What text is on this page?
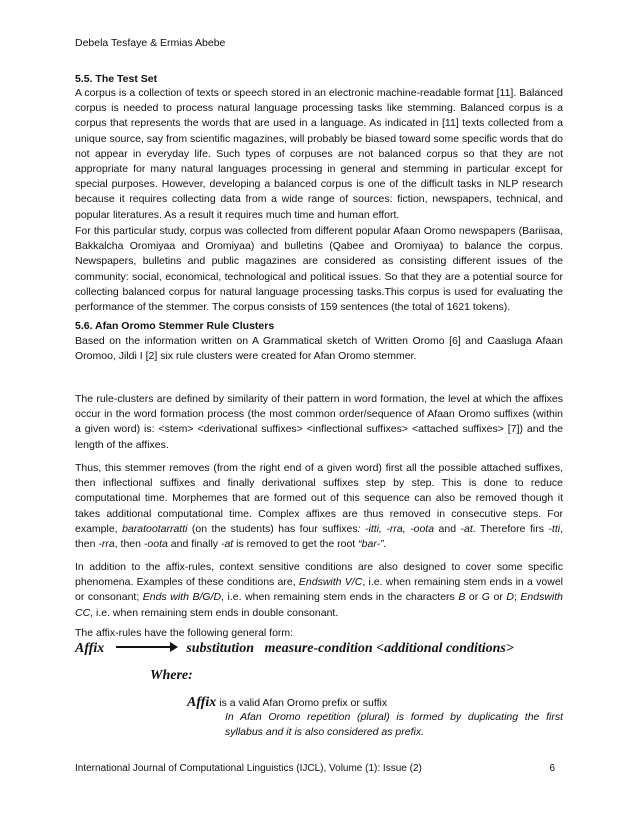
Debela Tesfaye & Ermias Abebe
5.5. The Test Set
A corpus is a collection of texts or speech stored in an electronic machine-readable format [11]. Balanced corpus is needed to process natural language processing tasks like stemming. Balanced corpus is a corpus that represents the words that are used in a language. As indicated in [11] texts collected from a unique source, say from scientific magazines, will probably be biased toward some specific words that do not appear in everyday life. Such types of corpuses are not balanced corpus so that they are not appropriate for many natural languages processing in general and stemming in particular except for special purposes. However, developing a balanced corpus is one of the difficult tasks in NLP research because it requires collecting data from a wide range of sources: fiction, newspapers, technical, and popular literatures. As a result it requires much time and human effort.
For this particular study, corpus was collected from different popular Afaan Oromo newspapers (Bariisaa, Bakkalcha Oromiyaa and Oromiyaa) and bulletins (Qabee and Oromiyaa) to balance the corpus. Newspapers, bulletins and public magazines are considered as consisting different issues of the community: social, economical, technological and political issues. So that they are a potential source for collecting balanced corpus for natural language processing tasks.This corpus is used for evaluating the performance of the stemmer. The corpus consists of 159 sentences (the total of 1621 tokens).
5.6. Afan Oromo Stemmer Rule Clusters
Based on the information written on A Grammatical sketch of Written Oromo [6] and Caasluga Afaan Oromoo, Jildi I [2] six rule clusters were created for Afan Oromo stemmer.
The rule-clusters are defined by similarity of their pattern in word formation, the level at which the affixes occur in the word formation process (the most common order/sequence of Afaan Oromo suffixes (within a given word) is: <stem> <derivational suffixes> <inflectional suffixes> <attached suffixes> [7]) and the length of the affixes.
Thus, this stemmer removes (from the right end of a given word) first all the possible attached suffixes, then inflectional suffixes and finally derivational suffixes step by step. This is done to reduce computational time. Morphemes that are formed out of this sequence can also be removed though it takes additional computational time. Complex affixes are thus removed in consecutive steps. For example, baratootarratti (on the students) has four suffixes: -itti, -rra, -oota and -at. Therefore firs -tti, then -rra, then -oota and finally -at is removed to get the root “bar-”.
In addition to the affix-rules, context sensitive conditions are also designed to cover some specific phenomena. Examples of these conditions are, Endswith V/C, i.e. when remaining stem ends in a vowel or consonant; Ends with B/G/D, i.e. when remaining stem ends in the characters B or G or D; Endswith CC, i.e. when remaining stem ends in double consonant.
The affix-rules have the following general form:
Affix	substitution measure-condition <additional conditions>
Where:
Affix is a valid Afan Oromo prefix or suffix
In Afan Oromo repetition (plural) is formed by duplicating the first syllabus and it is also considered as prefix.
International Journal of Computational Linguistics (IJCL), Volume (1): Issue (2)	6
